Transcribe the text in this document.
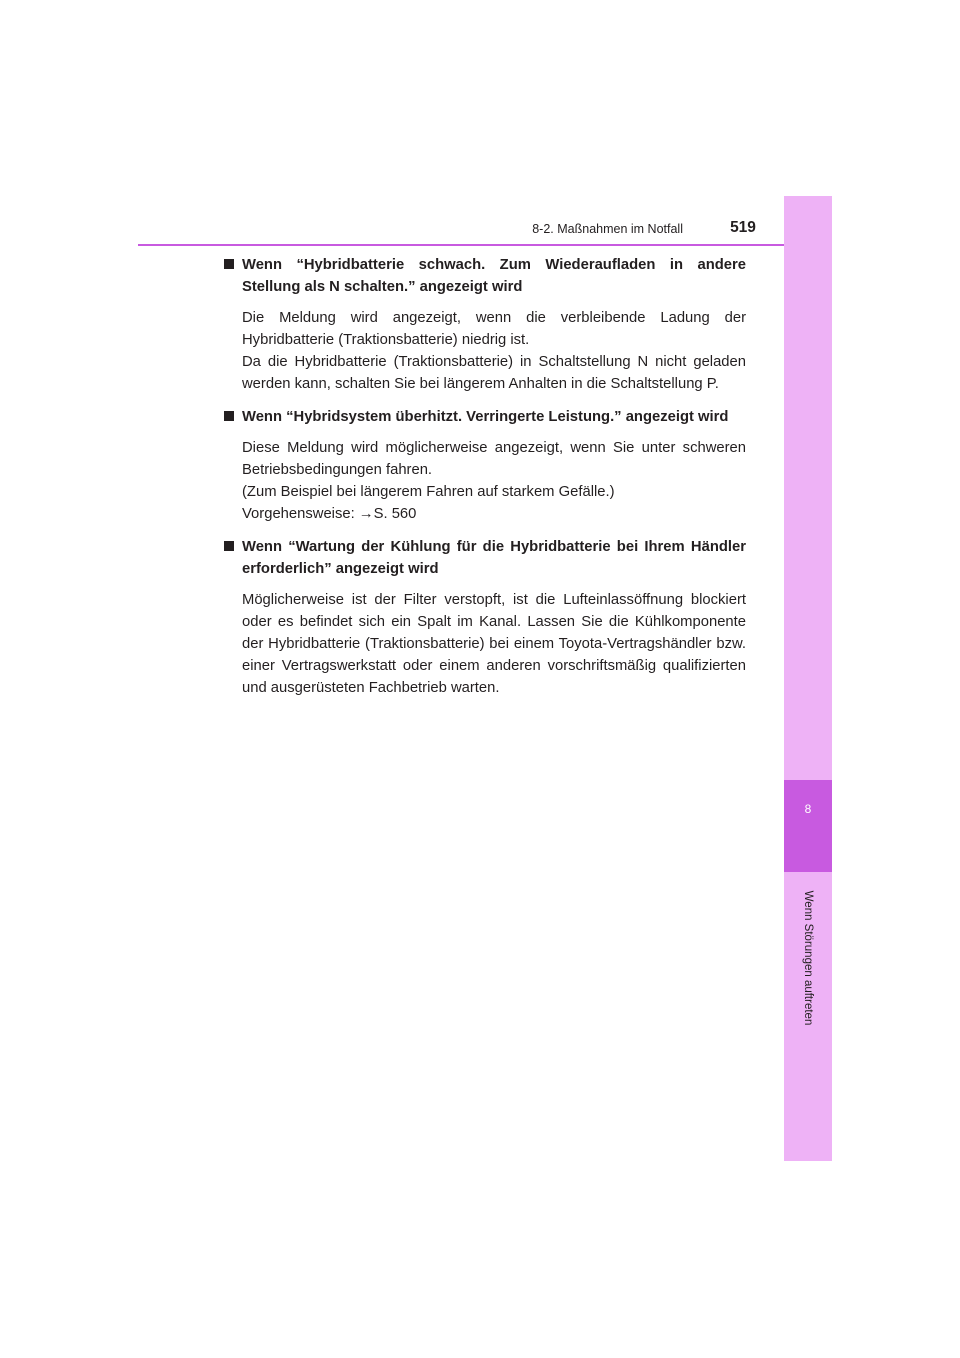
8-2. Maßnahmen im Notfall	519
8
Wenn Störungen auftreten
Wenn “Hybridbatterie schwach. Zum Wiederaufladen in andere Stellung als N schalten.” angezeigt wird
Die Meldung wird angezeigt, wenn die verbleibende Ladung der Hybridbatterie (Traktionsbatterie) niedrig ist.
Da die Hybridbatterie (Traktionsbatterie) in Schaltstellung N nicht geladen werden kann, schalten Sie bei längerem Anhalten in die Schaltstellung P.
Wenn “Hybridsystem überhitzt. Verringerte Leistung.” angezeigt wird
Diese Meldung wird möglicherweise angezeigt, wenn Sie unter schweren Betriebsbedingungen fahren.
(Zum Beispiel bei längerem Fahren auf starkem Gefälle.)
Vorgehensweise: →S. 560
Wenn “Wartung der Kühlung für die Hybridbatterie bei Ihrem Händler erforderlich” angezeigt wird
Möglicherweise ist der Filter verstopft, ist die Lufteinlassöffnung blockiert oder es befindet sich ein Spalt im Kanal. Lassen Sie die Kühlkomponente der Hybridbatterie (Traktionsbatterie) bei einem Toyota-Vertragshändler bzw. einer Vertragswerkstatt oder einem anderen vorschriftsmäßig qualifizierten und ausgerüsteten Fachbetrieb warten.
